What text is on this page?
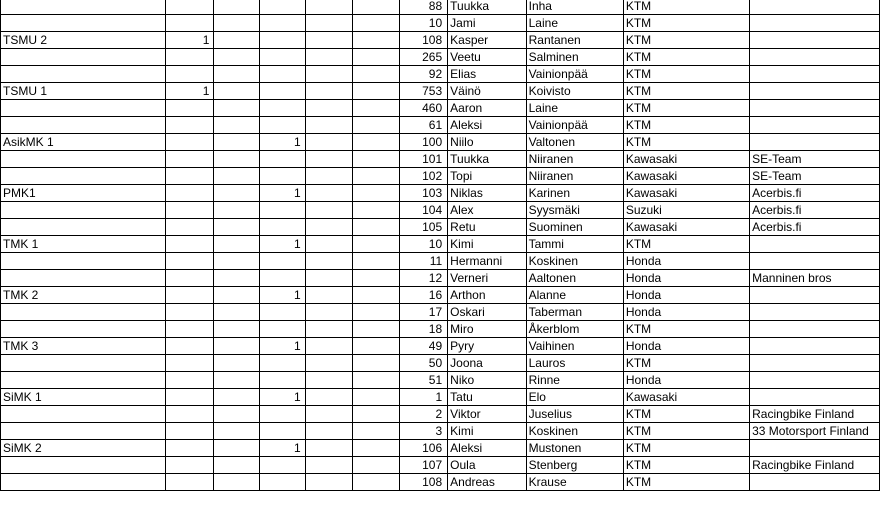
						88	Tuukka	Inha	KTM	
						10	Jami	Laine	KTM	
TSMU 2	1					108	Kasper	Rantanen	KTM	
						265	Veetu	Salminen	KTM	
						92	Elias	Vainionpää	KTM	
TSMU 1	1					753	Väinö	Koivisto	KTM	
						460	Aaron	Laine	KTM	
						61	Aleksi	Vainionpää	KTM	
AsikMK 1			1			100	Niilo	Valtonen	KTM	
						101	Tuukka	Niiranen	Kawasaki	SE-Team
						102	Topi	Niiranen	Kawasaki	SE-Team
PMK1			1			103	Niklas	Karinen	Kawasaki	Acerbis.fi
						104	Alex	Syysmäki	Suzuki	Acerbis.fi
						105	Retu	Suominen	Kawasaki	Acerbis.fi
TMK 1			1			10	Kimi	Tammi	KTM	
						11	Hermanni	Koskinen	Honda	
						12	Verneri	Aaltonen	Honda	Manninen bros
TMK 2			1			16	Arthon	Alanne	Honda	
						17	Oskari	Taberman	Honda	
						18	Miro	Åkerblom	KTM	
TMK 3			1			49	Pyry	Vaihinen	Honda	
						50	Joona	Lauros	KTM	
						51	Niko	Rinne	Honda	
SiMK 1			1			1	Tatu	Elo	Kawasaki	
						2	Viktor	Juselius	KTM	Racingbike Finland
						3	Kimi	Koskinen	KTM	33 Motorsport Finland
SiMK 2			1			106	Aleksi	Mustonen	KTM	
						107	Oula	Stenberg	KTM	Racingbike Finland
						108	Andreas	Krause	KTM	
